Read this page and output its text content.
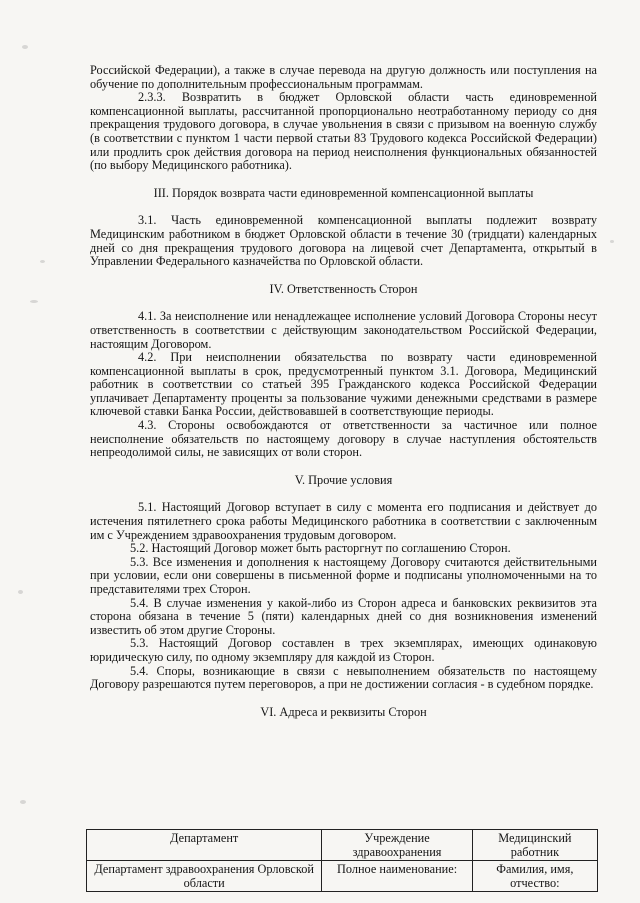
Российской Федерации), а также в случае перевода на другую должность или поступления на обучение по дополнительным профессиональным программам.

2.3.3. Возвратить в бюджет Орловской области часть единовременной компенсационной выплаты, рассчитанной пропорционально неотработанному периоду со дня прекращения трудового договора, в случае увольнения в связи с призывом на военную службу (в соответствии с пунктом 1 части первой статьи 83 Трудового кодекса Российской Федерации) или продлить срок действия договора на период неисполнения функциональных обязанностей (по выбору Медицинского работника).

III. Порядок возврата части единовременной компенсационной выплаты

3.1. Часть единовременной компенсационной выплаты подлежит возврату Медицинским работником в бюджет Орловской области в течение 30 (тридцати) календарных дней со дня прекращения трудового договора на лицевой счет Департамента, открытый в Управлении Федерального казначейства по Орловской области.

IV. Ответственность Сторон

4.1. За неисполнение или ненадлежащее исполнение условий Договора Стороны несут ответственность в соответствии с действующим законодательством Российской Федерации, настоящим Договором.

4.2. При неисполнении обязательства по возврату части единовременной компенсационной выплаты в срок, предусмотренный пунктом 3.1. Договора, Медицинский работник в соответствии со статьей 395 Гражданского кодекса Российской Федерации уплачивает Департаменту проценты за пользование чужими денежными средствами в размере ключевой ставки Банка России, действовавшей в соответствующие периоды.

4.3. Стороны освобождаются от ответственности за частичное или полное неисполнение обязательств по настоящему договору в случае наступления обстоятельств непреодолимой силы, не зависящих от воли сторон.

V. Прочие условия

5.1. Настоящий Договор вступает в силу с момента его подписания и действует до истечения пятилетнего срока работы Медицинского работника в соответствии с заключенным им с Учреждением здравоохранения трудовым договором.

5.2. Настоящий Договор может быть расторгнут по соглашению Сторон.

5.3. Все изменения и дополнения к настоящему Договору считаются действительными при условии, если они совершены в письменной форме и подписаны уполномоченными на то представителями трех Сторон.

5.4. В случае изменения у какой-либо из Сторон адреса и банковских реквизитов эта сторона обязана в течение 5 (пяти) календарных дней со дня возникновения изменений известить об этом другие Стороны.

5.3. Настоящий Договор составлен в трех экземплярах, имеющих одинаковую юридическую силу, по одному экземпляру для каждой из Сторон.

5.4. Споры, возникающие в связи с невыполнением обязательств по настоящему Договору разрешаются путем переговоров, а при не достижении согласия - в судебном порядке.

VI. Адреса и реквизиты Сторон

Департамент	Учреждение здравоохранения	Медицинский работник
Департамент здравоохранения Орловской области	Полное наименование:	Фамилия, имя, отчество:
